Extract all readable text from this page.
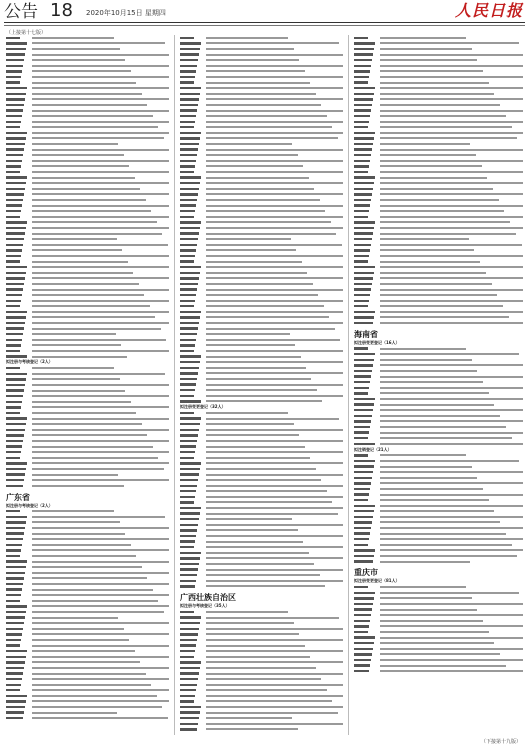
公告 18 2020年10月15日 星期四	人民日报
（上接第十七版）
拟注册与考核登记（2人）
广东省
拟注册与考核登记（2人）
拟注册变更登记（32人）
广西壮族自治区
拟注册与考核登记（35人）
海南省
拟注册变更登记（16人）
拟注销登记（21人）
重庆市
拟注册变更登记（81人）
（下接第十九版）
